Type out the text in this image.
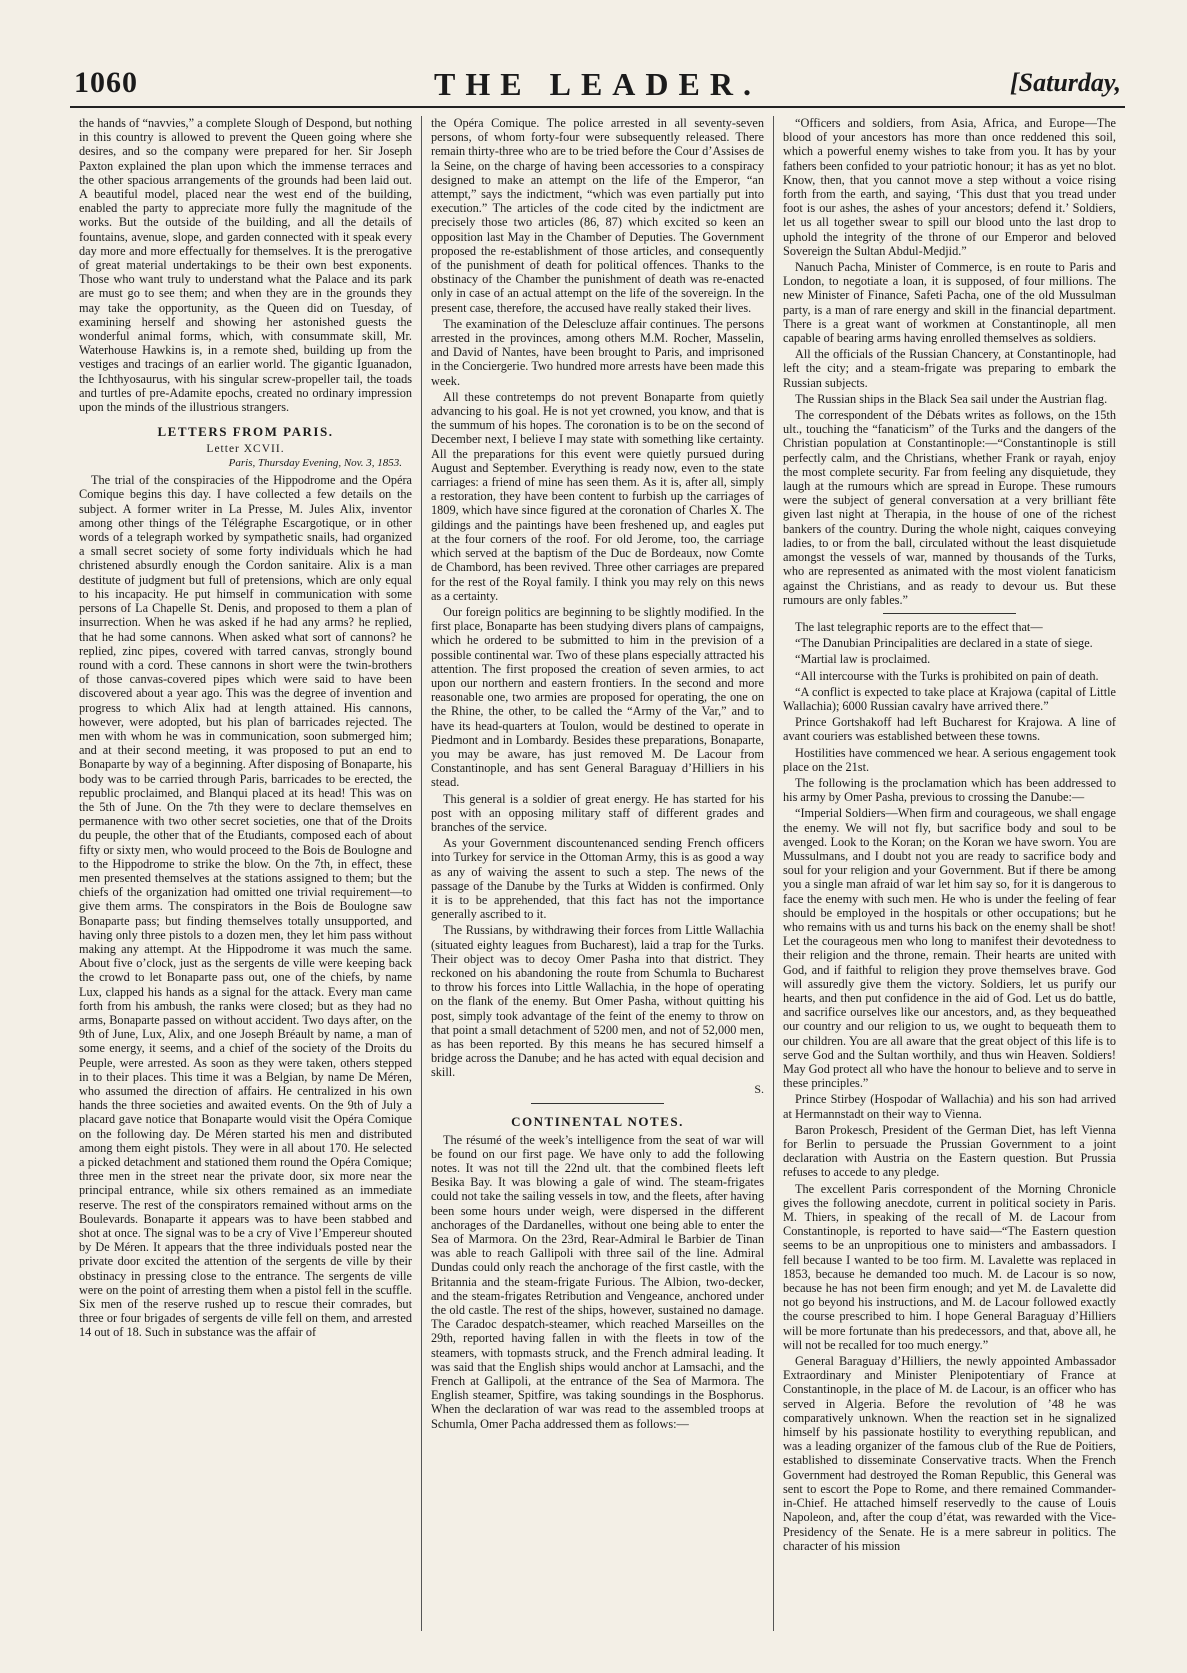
1060	THE LEADER.	[Saturday,

the hands of “navvies,” a complete Slough of Despond, but nothing in this country is allowed to prevent the Queen going where she desires, and so the company were prepared for her. Sir Joseph Paxton explained the plan upon which the immense terraces and the other spacious arrangements of the grounds had been laid out. A beautiful model, placed near the west end of the building, enabled the party to appreciate more fully the magnitude of the works. But the outside of the building, and all the details of fountains, avenue, slope, and garden connected with it speak every day more and more effectually for themselves. It is the prerogative of great material undertakings to be their own best exponents. Those who want truly to understand what the Palace and its park are must go to see them; and when they are in the grounds they may take the opportunity, as the Queen did on Tuesday, of examining herself and showing her astonished guests the wonderful animal forms, which, with consummate skill, Mr. Waterhouse Hawkins is, in a remote shed, building up from the vestiges and tracings of an earlier world. The gigantic Iguanadon, the Ichthyosaurus, with his singular screw-propeller tail, the toads and turtles of pre-Adamite epochs, created no ordinary impression upon the minds of the illustrious strangers.

LETTERS FROM PARIS.
Letter XCVII.
Paris, Thursday Evening, Nov. 3, 1853.

The trial of the conspiracies of the Hippodrome and the Opéra Comique begins this day. I have collected a few details on the subject. A former writer in La Presse, M. Jules Alix, inventor among other things of the Télégraphe Escargotique, or in other words of a telegraph worked by sympathetic snails, had organized a small secret society of some forty individuals which he had christened absurdly enough the Cordon sanitaire. Alix is a man destitute of judgment but full of pretensions, which are only equal to his incapacity. He put himself in communication with some persons of La Chapelle St. Denis, and proposed to them a plan of insurrection. When he was asked if he had any arms? he replied, that he had some cannons. When asked what sort of cannons? he replied, zinc pipes, covered with tarred canvas, strongly bound round with a cord. These cannons in short were the twin-brothers of those canvas-covered pipes which were said to have been discovered about a year ago. This was the degree of invention and progress to which Alix had at length attained. His cannons, however, were adopted, but his plan of barricades rejected. The men with whom he was in communication, soon submerged him; and at their second meeting, it was proposed to put an end to Bonaparte by way of a beginning. After disposing of Bonaparte, his body was to be carried through Paris, barricades to be erected, the republic proclaimed, and Blanqui placed at its head! This was on the 5th of June. On the 7th they were to declare themselves en permanence with two other secret societies, one that of the Droits du peuple, the other that of the Etudiants, composed each of about fifty or sixty men, who would proceed to the Bois de Boulogne and to the Hippodrome to strike the blow. On the 7th, in effect, these men presented themselves at the stations assigned to them; but the chiefs of the organization had omitted one trivial requirement—to give them arms. The conspirators in the Bois de Boulogne saw Bonaparte pass; but finding themselves totally unsupported, and having only three pistols to a dozen men, they let him pass without making any attempt. At the Hippodrome it was much the same. About five o’clock, just as the sergents de ville were keeping back the crowd to let Bonaparte pass out, one of the chiefs, by name Lux, clapped his hands as a signal for the attack. Every man came forth from his ambush, the ranks were closed; but as they had no arms, Bonaparte passed on without accident. Two days after, on the 9th of June, Lux, Alix, and one Joseph Bréault by name, a man of some energy, it seems, and a chief of the society of the Droits du Peuple, were arrested. As soon as they were taken, others stepped in to their places. This time it was a Belgian, by name De Méren, who assumed the direction of affairs. He centralized in his own hands the three societies and awaited events. On the 9th of July a placard gave notice that Bonaparte would visit the Opéra Comique on the following day. De Méren started his men and distributed among them eight pistols. They were in all about 170. He selected a picked detachment and stationed them round the Opéra Comique; three men in the street near the private door, six more near the principal entrance, while six others remained as an immediate reserve. The rest of the conspirators remained without arms on the Boulevards. Bonaparte it appears was to have been stabbed and shot at once. The signal was to be a cry of Vive l’Empereur shouted by De Méren. It appears that the three individuals posted near the private door excited the attention of the sergents de ville by their obstinacy in pressing close to the entrance. The sergents de ville were on the point of arresting them when a pistol fell in the scuffle. Six men of the reserve rushed up to rescue their comrades, but three or four brigades of sergents de ville fell on them, and arrested 14 out of 18. Such in substance was the affair of

the Opéra Comique. The police arrested in all seventy-seven persons, of whom forty-four were subsequently released. There remain thirty-three who are to be tried before the Cour d’Assises de la Seine, on the charge of having been accessories to a conspiracy designed to make an attempt on the life of the Emperor, “an attempt,” says the indictment, “which was even partially put into execution.” The articles of the code cited by the indictment are precisely those two articles (86, 87) which excited so keen an opposition last May in the Chamber of Deputies. The Government proposed the re-establishment of those articles, and consequently of the punishment of death for political offences. Thanks to the obstinacy of the Chamber the punishment of death was re-enacted only in case of an actual attempt on the life of the sovereign. In the present case, therefore, the accused have really staked their lives.

The examination of the Delescluze affair continues. The persons arrested in the provinces, among others M.M. Rocher, Masselin, and David of Nantes, have been brought to Paris, and imprisoned in the Conciergerie. Two hundred more arrests have been made this week.

All these contretemps do not prevent Bonaparte from quietly advancing to his goal. He is not yet crowned, you know, and that is the summum of his hopes. The coronation is to be on the second of December next, I believe I may state with something like certainty. All the preparations for this event were quietly pursued during August and September. Everything is ready now, even to the state carriages: a friend of mine has seen them. As it is, after all, simply a restoration, they have been content to furbish up the carriages of 1809, which have since figured at the coronation of Charles X. The gildings and the paintings have been freshened up, and eagles put at the four corners of the roof. For old Jerome, too, the carriage which served at the baptism of the Duc de Bordeaux, now Comte de Chambord, has been revived. Three other carriages are prepared for the rest of the Royal family. I think you may rely on this news as a certainty.

Our foreign politics are beginning to be slightly modified. In the first place, Bonaparte has been studying divers plans of campaigns, which he ordered to be submitted to him in the prevision of a possible continental war. Two of these plans especially attracted his attention. The first proposed the creation of seven armies, to act upon our northern and eastern frontiers. In the second and more reasonable one, two armies are proposed for operating, the one on the Rhine, the other, to be called the “Army of the Var,” and to have its head-quarters at Toulon, would be destined to operate in Piedmont and in Lombardy. Besides these preparations, Bonaparte, you may be aware, has just removed M. De Lacour from Constantinople, and has sent General Baraguay d’Hilliers in his stead.

This general is a soldier of great energy. He has started for his post with an opposing military staff of different grades and branches of the service.

As your Government discountenanced sending French officers into Turkey for service in the Ottoman Army, this is as good a way as any of waiving the assent to such a step. The news of the passage of the Danube by the Turks at Widden is confirmed. Only it is to be apprehended, that this fact has not the importance generally ascribed to it.

The Russians, by withdrawing their forces from Little Wallachia (situated eighty leagues from Bucharest), laid a trap for the Turks. Their object was to decoy Omer Pasha into that district. They reckoned on his abandoning the route from Schumla to Bucharest to throw his forces into Little Wallachia, in the hope of operating on the flank of the enemy. But Omer Pasha, without quitting his post, simply took advantage of the feint of the enemy to throw on that point a small detachment of 5200 men, and not of 52,000 men, as has been reported. By this means he has secured himself a bridge across the Danube; and he has acted with equal decision and skill.

S.
CONTINENTAL NOTES.

The résumé of the week’s intelligence from the seat of war will be found on our first page. We have only to add the following notes. It was not till the 22nd ult. that the combined fleets left Besika Bay. It was blowing a gale of wind. The steam-frigates could not take the sailing vessels in tow, and the fleets, after having been some hours under weigh, were dispersed in the different anchorages of the Dardanelles, without one being able to enter the Sea of Marmora. On the 23rd, Rear-Admiral le Barbier de Tinan was able to reach Gallipoli with three sail of the line. Admiral Dundas could only reach the anchorage of the first castle, with the Britannia and the steam-frigate Furious. The Albion, two-decker, and the steam-frigates Retribution and Vengeance, anchored under the old castle. The rest of the ships, however, sustained no damage. The Caradoc despatch-steamer, which reached Marseilles on the 29th, reported having fallen in with the fleets in tow of the steamers, with topmasts struck, and the French admiral leading. It was said that the English ships would anchor at Lamsachi, and the French at Gallipoli, at the entrance of the Sea of Marmora. The English steamer, Spitfire, was taking soundings in the Bosphorus. When the declaration of war was read to the assembled troops at Schumla, Omer Pacha addressed them as follows:—

“Officers and soldiers, from Asia, Africa, and Europe—The blood of your ancestors has more than once reddened this soil, which a powerful enemy wishes to take from you. It has by your fathers been confided to your patriotic honour; it has as yet no blot. Know, then, that you cannot move a step without a voice rising forth from the earth, and saying, ‘This dust that you tread under foot is our ashes, the ashes of your ancestors; defend it.’ Soldiers, let us all together swear to spill our blood unto the last drop to uphold the integrity of the throne of our Emperor and beloved Sovereign the Sultan Abdul-Medjid.”

Nanuch Pacha, Minister of Commerce, is en route to Paris and London, to negotiate a loan, it is supposed, of four millions. The new Minister of Finance, Safeti Pacha, one of the old Mussulman party, is a man of rare energy and skill in the financial department. There is a great want of workmen at Constantinople, all men capable of bearing arms having enrolled themselves as soldiers.

All the officials of the Russian Chancery, at Constantinople, had left the city; and a steam-frigate was preparing to embark the Russian subjects.

The Russian ships in the Black Sea sail under the Austrian flag.

The correspondent of the Débats writes as follows, on the 15th ult., touching the “fanaticism” of the Turks and the dangers of the Christian population at Constantinople:—“Constantinople is still perfectly calm, and the Christians, whether Frank or rayah, enjoy the most complete security. Far from feeling any disquietude, they laugh at the rumours which are spread in Europe. These rumours were the subject of general conversation at a very brilliant fête given last night at Therapia, in the house of one of the richest bankers of the country. During the whole night, caiques conveying ladies, to or from the ball, circulated without the least disquietude amongst the vessels of war, manned by thousands of the Turks, who are represented as animated with the most violent fanaticism against the Christians, and as ready to devour us. But these rumours are only fables.”

The last telegraphic reports are to the effect that—

“The Danubian Principalities are declared in a state of siege.

“Martial law is proclaimed.

“All intercourse with the Turks is prohibited on pain of death.

“A conflict is expected to take place at Krajowa (capital of Little Wallachia); 6000 Russian cavalry have arrived there.”

Prince Gortshakoff had left Bucharest for Krajowa. A line of avant couriers was established between these towns.

Hostilities have commenced we hear. A serious engagement took place on the 21st.

The following is the proclamation which has been addressed to his army by Omer Pasha, previous to crossing the Danube:—

“Imperial Soldiers—When firm and courageous, we shall engage the enemy. We will not fly, but sacrifice body and soul to be avenged. Look to the Koran; on the Koran we have sworn. You are Mussulmans, and I doubt not you are ready to sacrifice body and soul for your religion and your Government. But if there be among you a single man afraid of war let him say so, for it is dangerous to face the enemy with such men. He who is under the feeling of fear should be employed in the hospitals or other occupations; but he who remains with us and turns his back on the enemy shall be shot! Let the courageous men who long to manifest their devotedness to their religion and the throne, remain. Their hearts are united with God, and if faithful to religion they prove themselves brave. God will assuredly give them the victory. Soldiers, let us purify our hearts, and then put confidence in the aid of God. Let us do battle, and sacrifice ourselves like our ancestors, and, as they bequeathed our country and our religion to us, we ought to bequeath them to our children. You are all aware that the great object of this life is to serve God and the Sultan worthily, and thus win Heaven. Soldiers! May God protect all who have the honour to believe and to serve in these principles.”

Prince Stirbey (Hospodar of Wallachia) and his son had arrived at Hermannstadt on their way to Vienna.

Baron Prokesch, President of the German Diet, has left Vienna for Berlin to persuade the Prussian Government to a joint declaration with Austria on the Eastern question. But Prussia refuses to accede to any pledge.

The excellent Paris correspondent of the Morning Chronicle gives the following anecdote, current in political society in Paris. M. Thiers, in speaking of the recall of M. de Lacour from Constantinople, is reported to have said—“The Eastern question seems to be an unpropitious one to ministers and ambassadors. I fell because I wanted to be too firm. M. Lavalette was replaced in 1853, because he demanded too much. M. de Lacour is so now, because he has not been firm enough; and yet M. de Lavalette did not go beyond his instructions, and M. de Lacour followed exactly the course prescribed to him. I hope General Baraguay d’Hilliers will be more fortunate than his predecessors, and that, above all, he will not be recalled for too much energy.”

General Baraguay d’Hilliers, the newly appointed Ambassador Extraordinary and Minister Plenipotentiary of France at Constantinople, in the place of M. de Lacour, is an officer who has served in Algeria. Before the revolution of ’48 he was comparatively unknown. When the reaction set in he signalized himself by his passionate hostility to everything republican, and was a leading organizer of the famous club of the Rue de Poitiers, established to disseminate Conservative tracts. When the French Government had destroyed the Roman Republic, this General was sent to escort the Pope to Rome, and there remained Commander-in-Chief. He attached himself reservedly to the cause of Louis Napoleon, and, after the coup d’état, was rewarded with the Vice-Presidency of the Senate. He is a mere sabreur in politics. The character of his mission
